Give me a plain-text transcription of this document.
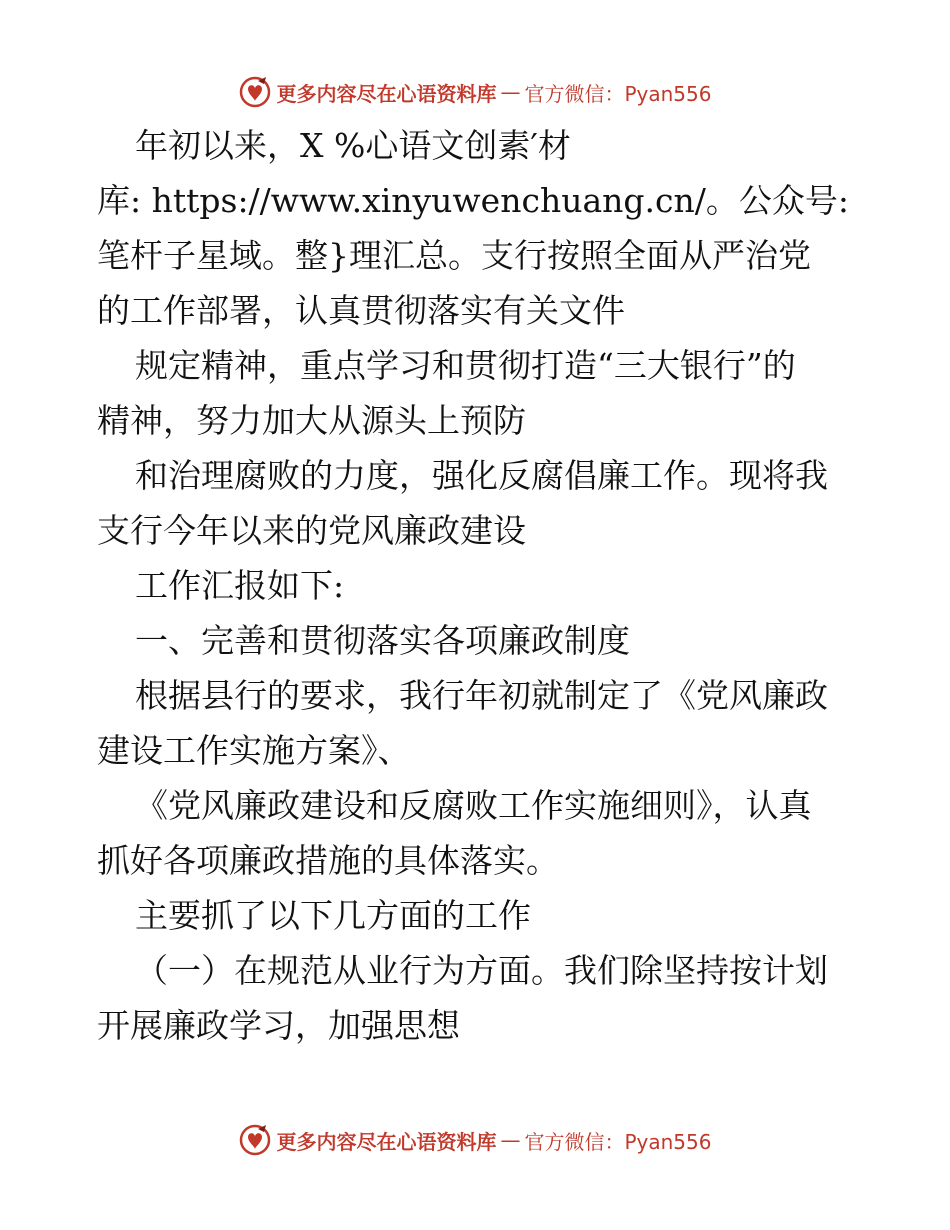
更多内容尽在心语资料库 — 官方微信：Pyan556
年初以来，X %心语文创素′材
库: https://www.xinyuwenchuang.cn/。公众号:
笔杆子星域。整}理汇总。支行按照全面从严治党
的工作部署，认真贯彻落实有关文件
规定精神，重点学习和贯彻打造“三大银行”的
精神，努力加大从源头上预防
和治理腐败的力度，强化反腐倡廉工作。现将我
支行今年以来的党风廉政建设
工作汇报如下:
一、完善和贯彻落实各项廉政制度
根据县行的要求，我行年初就制定了《党风廉政
建设工作实施方案》、
《党风廉政建设和反腐败工作实施细则》，认真
抓好各项廉政措施的具体落实。
主要抓了以下几方面的工作
（一）在规范从业行为方面。我们除坚持按计划
开展廉政学习，加强思想
更多内容尽在心语资料库 — 官方微信：Pyan556
